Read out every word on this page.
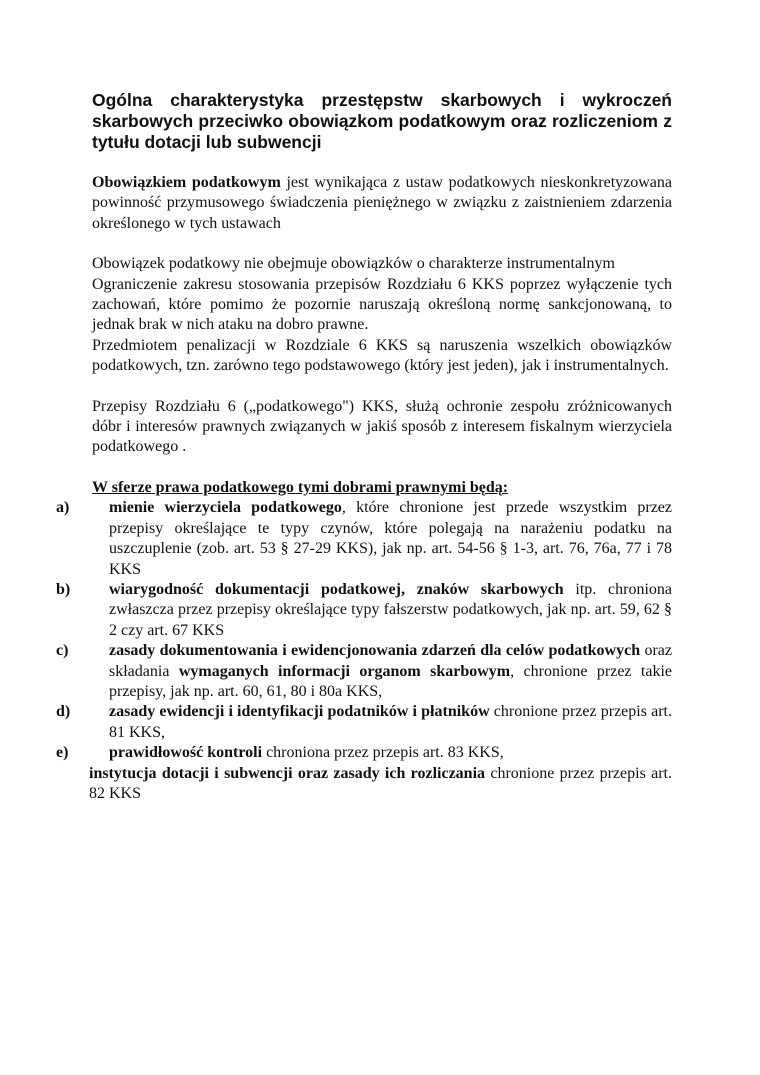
Ogólna charakterystyka przestępstw skarbowych i wykroczeń skarbowych przeciwko obowiązkom podatkowym oraz rozliczeniom z tytułu dotacji lub subwencji

Obowiązkiem podatkowym jest wynikająca z ustaw podatkowych nieskonkretyzowana powinność przymusowego świadczenia pieniężnego w związku z zaistnieniem zdarzenia określonego w tych ustawach

Obowiązek podatkowy nie obejmuje obowiązków o charakterze instrumentalnym

Ograniczenie zakresu stosowania przepisów Rozdziału 6 KKS poprzez wyłączenie tych zachowań, które pomimo że pozornie naruszają określoną normę sankcjonowaną, to jednak brak w nich ataku na dobro prawne.

Przedmiotem penalizacji w Rozdziale 6 KKS są naruszenia wszelkich obowiązków podatkowych, tzn. zarówno tego podstawowego (który jest jeden), jak i instrumentalnych.

Przepisy Rozdziału 6 („podatkowego") KKS, służą ochronie zespołu zróżnicowanych dóbr i interesów prawnych związanych w jakiś sposób z interesem fiskalnym wierzyciela podatkowego .

W sferze prawa podatkowego tymi dobrami prawnymi będą:

a)	mienie wierzyciela podatkowego, które chronione jest przede wszystkim przez przepisy określające te typy czynów, które polegają na narażeniu podatku na uszczuplenie (zob. art. 53 § 27-29 KKS), jak np. art. 54-56 § 1-3, art. 76, 76a, 77 i 78 KKS
b)	wiarygodność dokumentacji podatkowej, znaków skarbowych itp. chroniona zwłaszcza przez przepisy określające typy fałszerstw podatkowych, jak np. art. 59, 62 § 2 czy art. 67 KKS
c)	zasady dokumentowania i ewidencjonowania zdarzeń dla celów podatkowych oraz składania wymaganych informacji organom skarbowym, chronione przez takie przepisy, jak np. art. 60, 61, 80 i 80a KKS,
d)	zasady ewidencji i identyfikacji podatników i płatników chronione przez przepis art. 81 KKS,
e)	prawidłowość kontroli chroniona przez przepis art. 83 KKS,

instytucja dotacji i subwencji oraz zasady ich rozliczania chronione przez przepis art. 82 KKS
